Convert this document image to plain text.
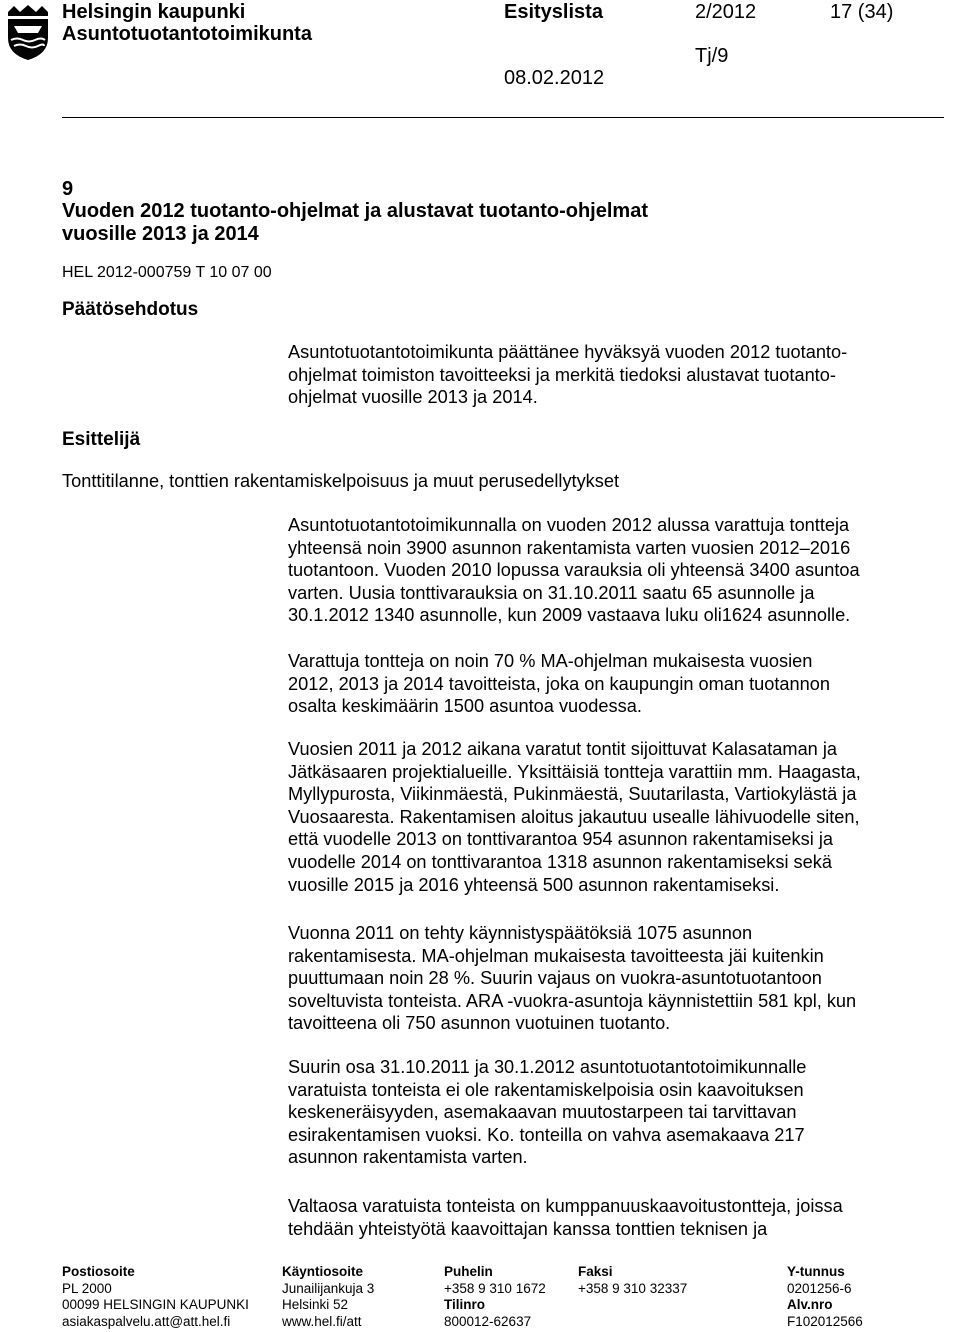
Helsingin kaupunki
Asuntotuotantotoimikunta
Esityslista	2/2012	17 (34)
Tj/9
08.02.2012
9
Vuoden 2012 tuotanto-ohjelmat ja alustavat tuotanto-ohjelmat
vuosille 2013 ja 2014
HEL 2012-000759 T 10 07 00
Päätösehdotus
Asuntotuotantotoimikunta päättänee hyväksyä vuoden 2012 tuotanto-
ohjelmat toimiston tavoitteeksi ja merkitä tiedoksi alustavat tuotanto-
ohjelmat vuosille 2013 ja 2014.
Esittelijä
Tonttitilanne, tonttien rakentamiskelpoisuus ja muut perusedellytykset
Asuntotuotantotoimikunnalla on vuoden 2012 alussa varattuja tontteja
yhteensä noin 3900 asunnon rakentamista varten vuosien 2012–2016
tuotantoon. Vuoden 2010 lopussa varauksia oli yhteensä 3400 asuntoa
varten. Uusia tonttivarauksia on 31.10.2011 saatu 65 asunnolle ja
30.1.2012 1340 asunnolle, kun 2009 vastaava luku oli1624 asunnolle.
Varattuja tontteja on noin 70 % MA-ohjelman mukaisesta vuosien
2012, 2013 ja 2014 tavoitteista, joka on kaupungin oman tuotannon
osalta keskimäärin 1500 asuntoa vuodessa.
Vuosien 2011 ja 2012 aikana varatut tontit sijoittuvat Kalasataman ja
Jätkäsaaren projektialueille. Yksittäisiä tontteja varattiin mm. Haagasta,
Myllypurosta, Viikinmäestä, Pukinmäestä, Suutarilasta, Vartiokylästä ja
Vuosaaresta. Rakentamisen aloitus jakautuu usealle lähivuodelle siten,
että vuodelle 2013 on tonttivarantoa 954 asunnon rakentamiseksi ja
vuodelle 2014 on tonttivarantoa 1318 asunnon rakentamiseksi sekä
vuosille 2015 ja 2016 yhteensä 500 asunnon rakentamiseksi.
Vuonna 2011 on tehty käynnistyspäätöksiä 1075 asunnon
rakentamisesta. MA-ohjelman mukaisesta tavoitteesta jäi kuitenkin
puuttumaan noin 28 %. Suurin vajaus on vuokra-asuntotuotantoon
soveltuvista tonteista. ARA -vuokra-asuntoja käynnistettiin 581 kpl, kun
tavoitteena oli 750 asunnon vuotuinen tuotanto.
Suurin osa 31.10.2011 ja 30.1.2012 asuntotuotantotoimikunnalle
varatuista tonteista ei ole rakentamiskelpoisia osin kaavoituksen
keskeneräisyyden, asemakaavan muutostarpeen tai tarvittavan
esirakentamisen vuoksi. Ko. tonteilla on vahva asemakaava 217
asunnon rakentamista varten.
Valtaosa varatuista tonteista on kumppanuuskaavoitustontteja, joissa
tehdään yhteistyötä kaavoittajan kanssa tonttien teknisen ja
Postiosoite
PL 2000
00099 HELSINGIN KAUPUNKI
asiakaspalvelu.att@att.hel.fi
Käyntiosoite
Junailijankuja 3
Helsinki 52
www.hel.fi/att
Puhelin
+358 9 310 1672
Tilinro
800012-62637
Faksi
+358 9 310 32337
Y-tunnus
0201256-6
Alv.nro
F102012566
